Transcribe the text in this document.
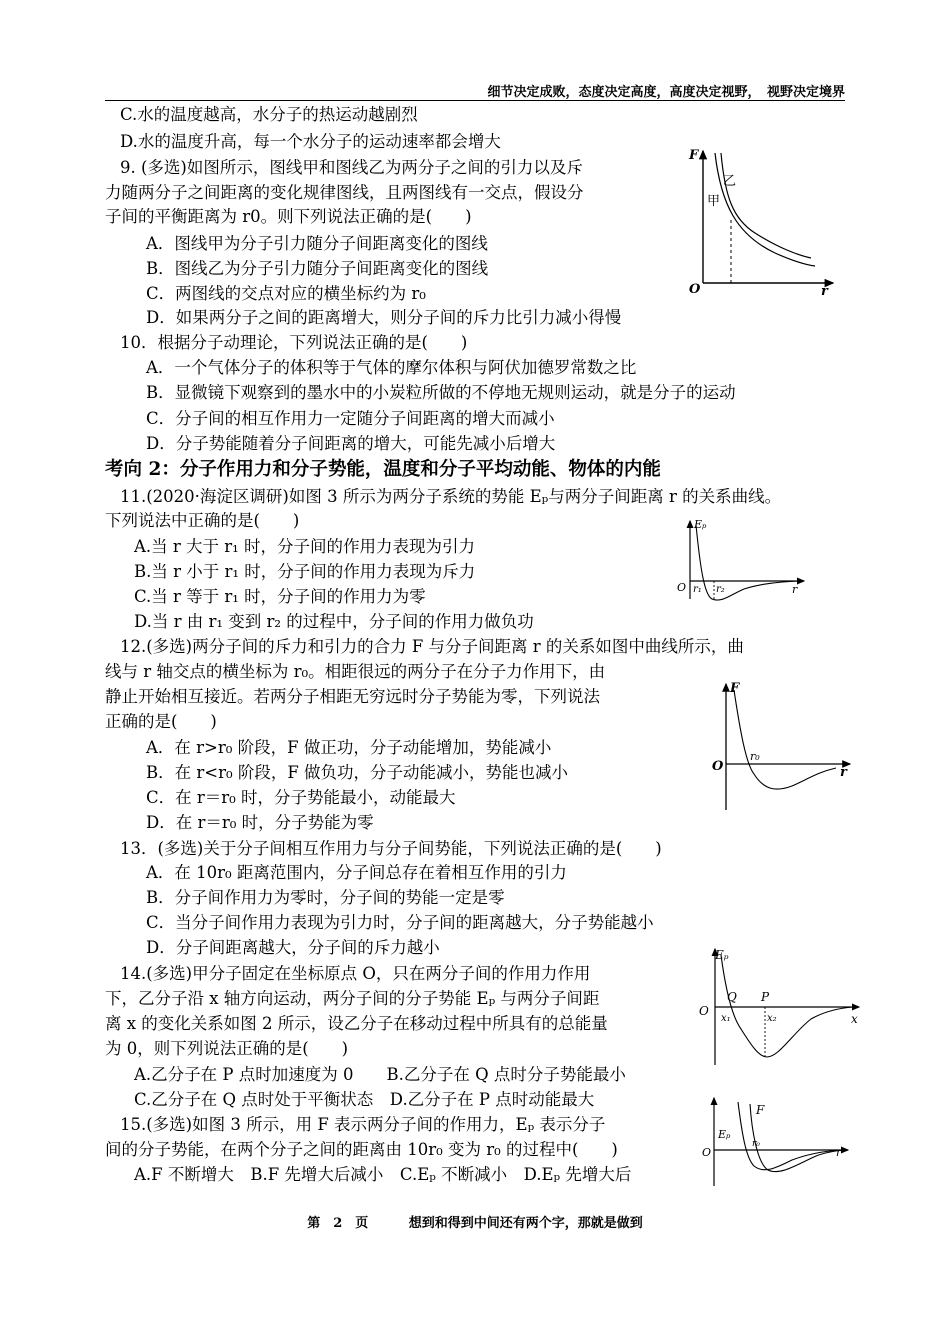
细节决定成败，态度决定高度，高度决定视野，　视野决定境界
C.水的温度越高，水分子的热运动越剧烈
D.水的温度升高，每一个水分子的运动速率都会增大
9. (多选)如图所示，图线甲和图线乙为两分子之间的引力以及斥
力随两分子之间距离的变化规律图线，且两图线有一交点，假设分
子间的平衡距离为 r0。则下列说法正确的是(　　)
A．图线甲为分子引力随分子间距离变化的图线
B．图线乙为分子引力随分子间距离变化的图线
C．两图线的交点对应的横坐标约为 r₀
D．如果两分子之间的距离增大，则分子间的斥力比引力减小得慢
10．根据分子动理论，下列说法正确的是(　　)
A．一个气体分子的体积等于气体的摩尔体积与阿伏加德罗常数之比
B．显微镜下观察到的墨水中的小炭粒所做的不停地无规则运动，就是分子的运动
C．分子间的相互作用力一定随分子间距离的增大而减小
D．分子势能随着分子间距离的增大，可能先减小后增大
考向 2：分子作用力和分子势能，温度和分子平均动能、物体的内能
11.(2020·海淀区调研)如图 3 所示为两分子系统的势能 Eₚ与两分子间距离 r 的关系曲线。
下列说法中正确的是(　　)
A.当 r 大于 r₁ 时，分子间的作用力表现为引力
B.当 r 小于 r₁ 时，分子间的作用力表现为斥力
C.当 r 等于 r₁ 时，分子间的作用力为零
D.当 r 由 r₁ 变到 r₂ 的过程中，分子间的作用力做负功
12.(多选)两分子间的斥力和引力的合力 F 与分子间距离 r 的关系如图中曲线所示，曲
线与 r 轴交点的横坐标为 r₀。相距很远的两分子在分子力作用下，由
静止开始相互接近。若两分子相距无穷远时分子势能为零，下列说法
正确的是(　　)
A．在 r>r₀ 阶段，F 做正功，分子动能增加，势能减小
B．在 r<r₀ 阶段，F 做负功，分子动能减小，势能也减小
C．在 r＝r₀ 时，分子势能最小，动能最大
D．在 r＝r₀ 时，分子势能为零
13．(多选)关于分子间相互作用力与分子间势能，下列说法正确的是(　　)
A．在 10r₀ 距离范围内，分子间总存在着相互作用的引力
B．分子间作用力为零时，分子间的势能一定是零
C．当分子间作用力表现为引力时，分子间的距离越大，分子势能越小
D．分子间距离越大，分子间的斥力越小
14.(多选)甲分子固定在坐标原点 O，只在两分子间的作用力作用
下，乙分子沿 x 轴方向运动，两分子间的分子势能 Eₚ 与两分子间距
离 x 的变化关系如图 2 所示，设乙分子在移动过程中所具有的总能量
为 0，则下列说法正确的是(　　)
A.乙分子在 P 点时加速度为 0　　B.乙分子在 Q 点时分子势能最小
C.乙分子在 Q 点时处于平衡状态　D.乙分子在 P 点时动能最大
15.(多选)如图 3 所示，用 F 表示两分子间的作用力，Eₚ 表示分子
间的分子势能，在两个分子之间的距离由 10r₀ 变为 r₀ 的过程中(　　)
A.F 不断增大　B.F 先增大后减小　C.Eₚ 不断减小　D.Eₚ 先增大后
F
r
O
乙
甲
Eₚ
r
O r₁ r₂
F
r
O
r₀
Eₚ
x
O
Q P
x₁	x₂
F
Eₚ
r
O
r₀
第　2　页	想到和得到中间还有两个字，那就是做到
